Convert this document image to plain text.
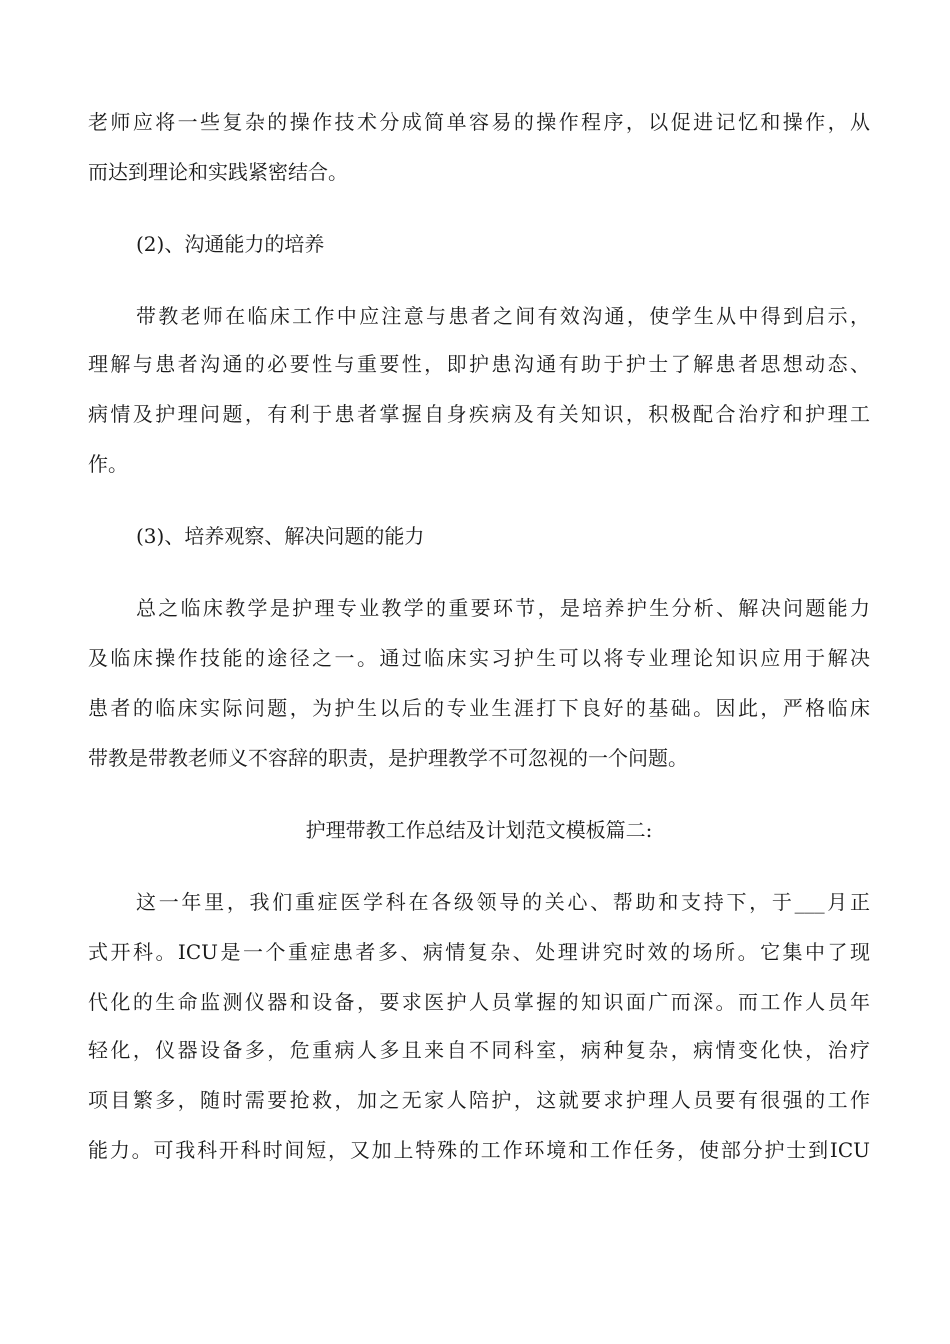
老师应将一些复杂的操作技术分成简单容易的操作程序，以促进记忆和操作，从
而达到理论和实践紧密结合。
(2)、沟通能力的培养
带教老师在临床工作中应注意与患者之间有效沟通，使学生从中得到启示，
理解与患者沟通的必要性与重要性，即护患沟通有助于护士了解患者思想动态、
病情及护理问题，有利于患者掌握自身疾病及有关知识，积极配合治疗和护理工
作。
(3)、培养观察、解决问题的能力
总之临床教学是护理专业教学的重要环节，是培养护生分析、解决问题能力
及临床操作技能的途径之一。通过临床实习护生可以将专业理论知识应用于解决
患者的临床实际问题，为护生以后的专业生涯打下良好的基础。因此，严格临床
带教是带教老师义不容辞的职责，是护理教学不可忽视的一个问题。
护理带教工作总结及计划范文模板篇二:
这一年里，我们重症医学科在各级领导的关心、帮助和支持下，于___月正
式开科。ICU是一个重症患者多、病情复杂、处理讲究时效的场所。它集中了现
代化的生命监测仪器和设备，要求医护人员掌握的知识面广而深。而工作人员年
轻化，仪器设备多，危重病人多且来自不同科室，病种复杂，病情变化快，治疗
项目繁多，随时需要抢救，加之无家人陪护，这就要求护理人员要有很强的工作
能力。可我科开科时间短，又加上特殊的工作环境和工作任务，使部分护士到ICU
